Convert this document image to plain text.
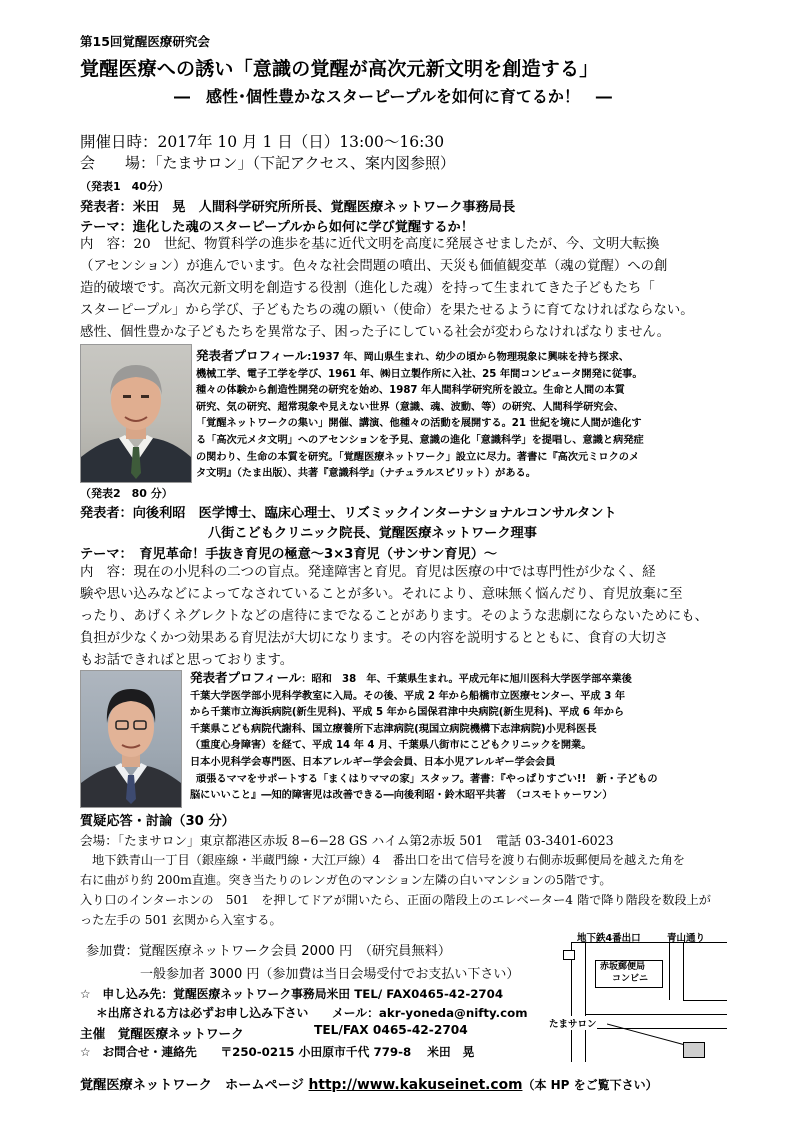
第15回覚醒医療研究会
覚醒医療への誘い「意識の覚醒が高次元新文明を創造する」
―　感性･個性豊かなスターピープルを如何に育てるか！　―
開催日時：2017年 10 月 1 日（日）13:00～16:30
会　　場：「たまサロン」（下記アクセス、案内図参照）
（発表1　40分）
発表者：米田　晃　人間科学研究所所長、覚醒医療ネットワーク事務局長
テーマ：進化した魂のスターピープルから如何に学び覚醒するか！
内　容：20　世紀、物質科学の進歩を基に近代文明を高度に発展させましたが、今、文明大転換
（アセンション）が進んでいます。色々な社会問題の噴出、天災も価値観変革（魂の覚醒）への創
造的破壊です。高次元新文明を創造する役割（進化した魂）を持って生まれてきた子どもたち「
スターピープル」から学び、子どもたちの魂の願い（使命）を果たせるように育てなければならない。
感性、個性豊かな子どもたちを異常な子、困った子にしている社会が変わらなければなりません。
発表者プロフィール:1937 年、岡山県生まれ、幼少の頃から物理現象に興味を持ち探求、
機械工学、電子工学を学び、1961 年、㈱日立製作所に入社、25 年間コンピュータ開発に従事。
種々の体験から創造性開発の研究を始め、1987 年人間科学研究所を設立。生命と人間の本質
研究、気の研究、超常現象や見えない世界（意識、魂、波動、等）の研究、人間科学研究会、
「覚醒ネットワークの集い」開催、講演、他種々の活動を展開する。21 世紀を境に人間が進化す
る「高次元メタ文明」へのアセンションを予見、意識の進化「意識科学」を提唱し、意識と病発症
の関わり、生命の本質を研究。「覚醒医療ネットワーク」設立に尽力。著書に『高次元ミロクのメ
タ文明』（たま出版）、共著『意識科学』（ナチュラルスピリット）がある。
（発表2　80 分）
発表者：向後利昭　医学博士、臨床心理士、リズミックインターナショナルコンサルタント
八街こどもクリニック院長、覚醒医療ネットワーク理事
テーマ：　育児革命！手抜き育児の極意～3×3育児（サンサン育児）～
内　容：現在の小児科の二つの盲点。発達障害と育児。育児は医療の中では専門性が少なく、経
験や思い込みなどによってなされていることが多い。それにより、意味無く悩んだり、育児放棄に至
ったり、あげくネグレクトなどの虐待にまでなることがあります。そのような悲劇にならないためにも、
負担が少なくかつ効果ある育児法が大切になります。その内容を説明するとともに、食育の大切さ
もお話できればと思っております。
発表者プロフィール：昭和　38　年、千葉県生まれ。平成元年に旭川医科大学医学部卒業後
千葉大学医学部小児科学教室に入局。その後、平成 2 年から船橋市立医療センター、平成 3 年
から千葉市立海浜病院(新生児科)、平成 5 年から国保君津中央病院(新生児科)、平成 6 年から
千葉県こども病院代謝科、国立療養所下志津病院(現国立病院機構下志津病院)小児科医長
（重度心身障害）を経て、平成 14 年 4 月、千葉県八街市にこどもクリニックを開業。
日本小児科学会専門医、日本アレルギー学会会員、日本小児アレルギー学会会員
頑張るママをサポートする「まくはりママの家」スタッフ。著書：『やっぱりすごい!!　新・子どもの
脳にいいこと』―知的障害児は改善できる―向後利昭・鈴木昭平共著　（コスモトゥーワン）
質疑応答・討論（30 分）
会場：「たまサロン」東京都港区赤坂 8−6−28 GS ハイム第2赤坂 501　電話 03-3401-6023
　地下鉄青山一丁目（銀座線・半蔵門線・大江戸線）4　番出口を出て信号を渡り右側赤坂郵便局を越えた角を
右に曲がり約 200m直進。突き当たりのレンガ色のマンション左隣の白いマンションの5階です。
入り口のインターホンの　501　を押してドアが開いたら、正面の階段上のエレベーター4 階で降り階段を数段上が
った左手の 501 玄関から入室する。
参加費：覚醒医療ネットワーク会員 2000 円　（研究員無料）
一般参加者 3000 円（参加費は当日会場受付でお支払い下さい）
☆　申し込み先：覚醒医療ネットワーク事務局米田 TEL/ FAX0465-42-2704
＊出席される方は必ずお申し込み下さい　　メール：akr-yoneda@nifty.com
主催　覚醒医療ネットワーク	TEL/FAX 0465-42-2704
☆　お問合せ・連絡先　　〒250-0215 小田原市千代 779-8　 米田　晃
地下鉄4番出口	青山通り
赤坂郵便局
コンビニ
たまサロン
覚醒医療ネットワーク　ホームページ http://www.kakuseinet.com（本 HP をご覧下さい）
